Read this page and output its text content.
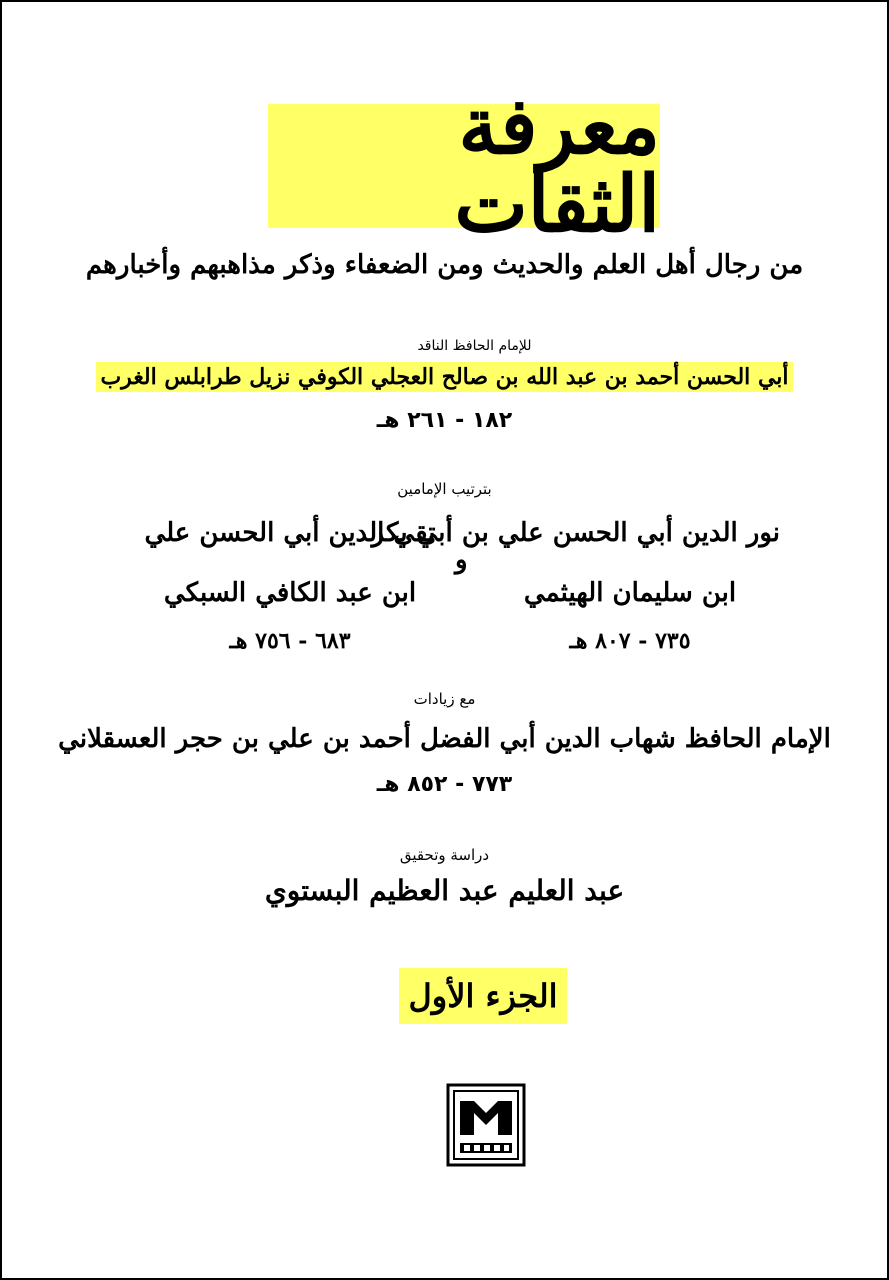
معرفة الثقات
من رجال أهل العلم والحديث ومن الضعفاء وذكر مذاهبهم وأخبارهم
للإمام الحافظ الناقد
أبي الحسن أحمد بن عبد الله بن صالح العجلي الكوفي نزيل طرابلس الغرب
١٨٢ - ٢٦١ هـ
بترتيب الإمامين
نور الدين أبي الحسن علي بن أبي بكر
ابن سليمان الهيثمي
٧٣٥ - ٨٠٧ هـ
و
تقي الدين أبي الحسن علي
ابن عبد الكافي السبكي
٦٨٣ - ٧٥٦ هـ
مع زيادات
الإمام الحافظ شهاب الدين أبي الفضل أحمد بن علي بن حجر العسقلاني
٧٧٣ - ٨٥٢ هـ
دراسة وتحقيق
عبد العليم عبد العظيم البستوي
الجزء الأول
